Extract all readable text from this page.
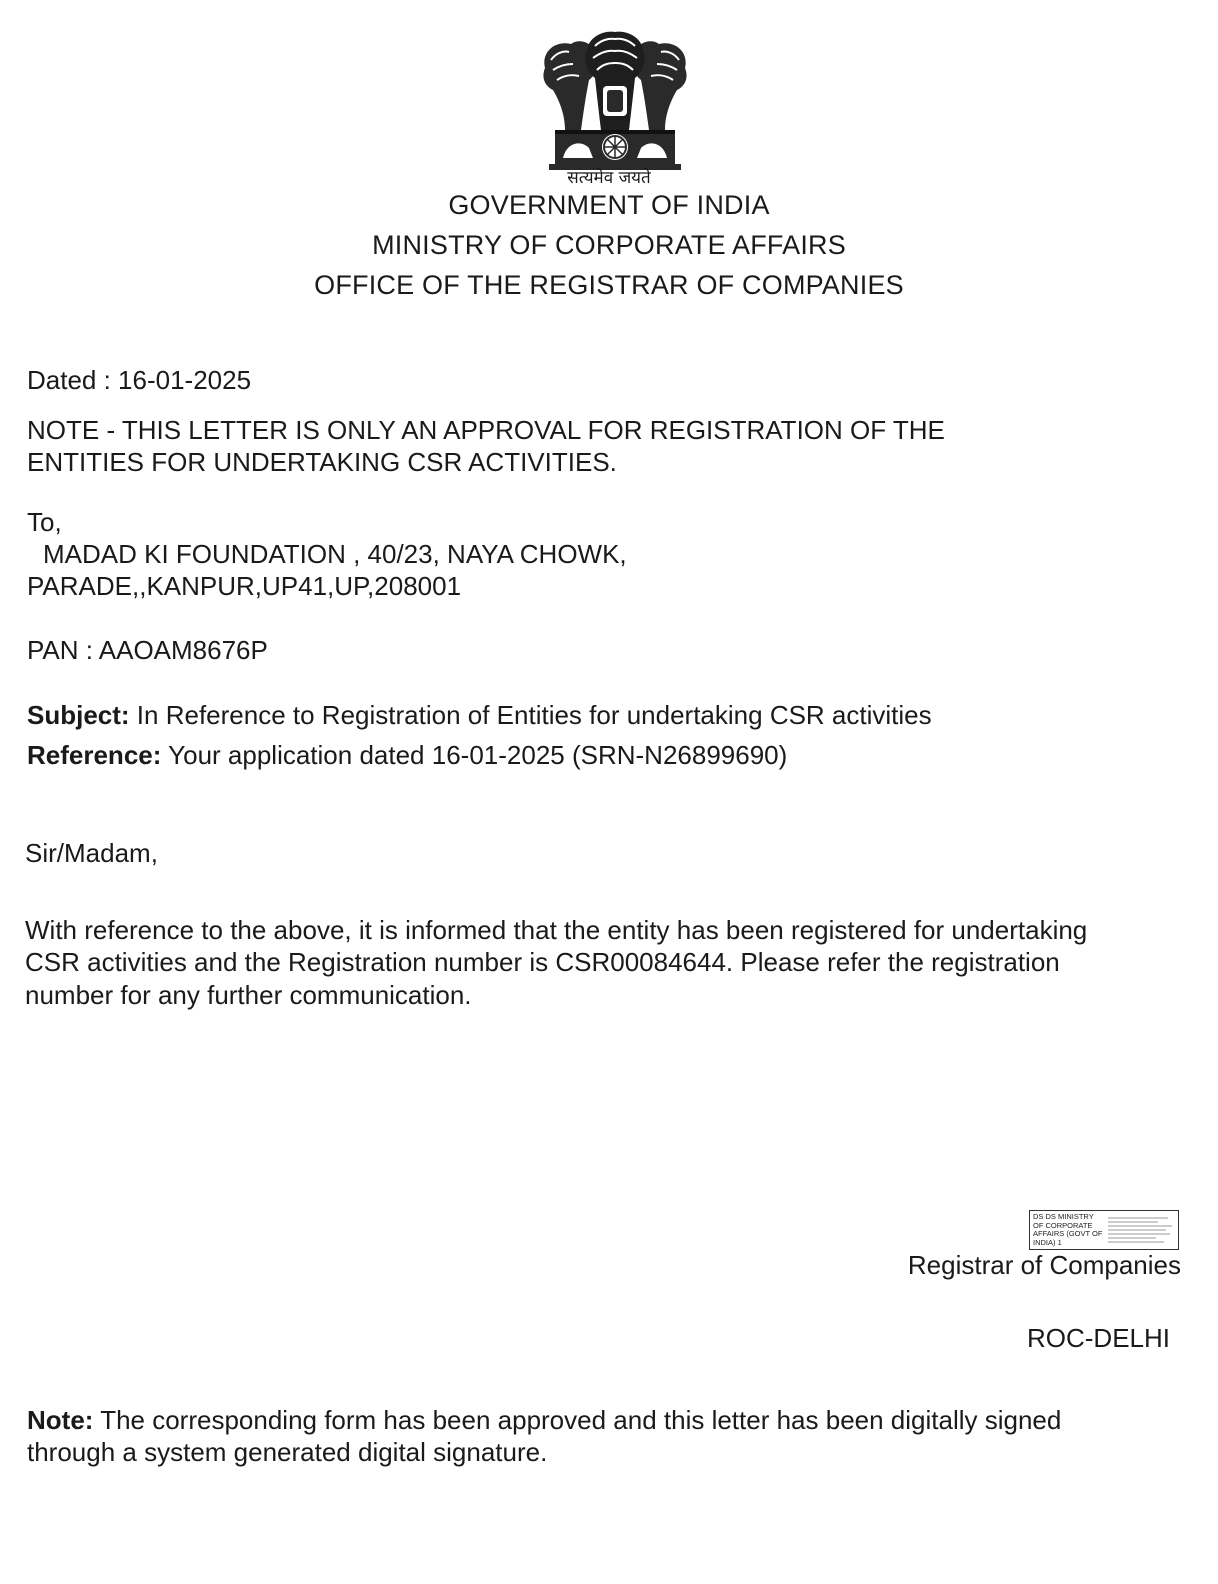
सत्यमेव जयते
GOVERNMENT OF INDIA
MINISTRY OF CORPORATE AFFAIRS
OFFICE OF THE REGISTRAR OF COMPANIES
Dated : 16-01-2025
NOTE - THIS LETTER IS ONLY AN APPROVAL FOR REGISTRATION OF THE
ENTITIES FOR UNDERTAKING CSR ACTIVITIES.
To,
MADAD KI FOUNDATION , 40/23, NAYA CHOWK,
PARADE,,KANPUR,UP41,UP,208001
PAN : AAOAM8676P
Subject: In Reference to Registration of Entities for undertaking CSR activities
Reference: Your application dated 16-01-2025 (SRN-N26899690)
Sir/Madam,
With reference to the above, it is informed that the entity has been registered for undertaking
CSR activities and the Registration number is CSR00084644. Please refer the registration
number for any further communication.
DS DS MINISTRY
OF CORPORATE
AFFAIRS (GOVT OF
INDIA) 1
Registrar of Companies
ROC-DELHI
Note: The corresponding form has been approved and this letter has been digitally signed
through a system generated digital signature.
